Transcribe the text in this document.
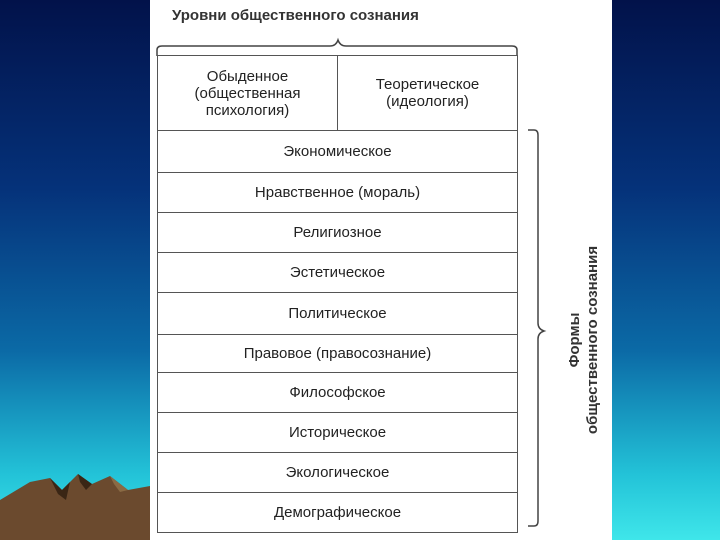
Уровни общественного сознания
Обыденное
(общественная
психология)
Теоретическое
(идеология)
Экономическое
Нравственное (мораль)
Религиозное
Эстетическое
Политическое
Правовое (правосознание)
Философское
Историческое
Экологическое
Демографическое
Формы
общественного сознания
